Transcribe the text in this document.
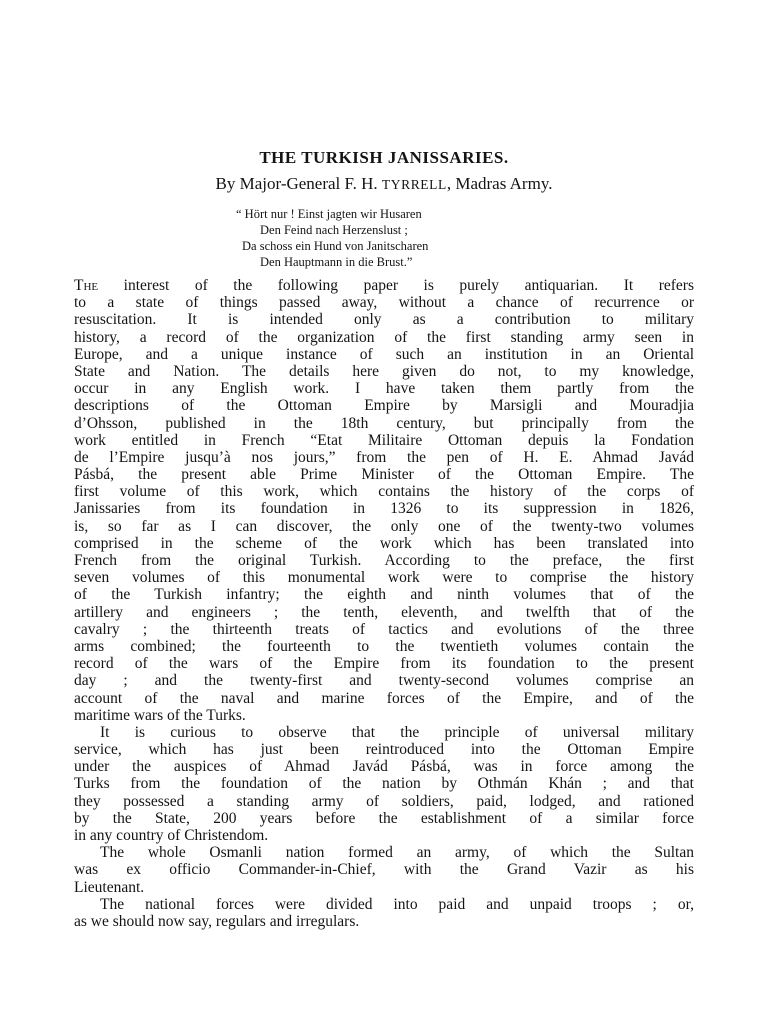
THE TURKISH JANISSARIES.
By Major-General F. H. TYRRELL, Madras Army.
“ Hört nur ! Einst jagten wir Husaren
Den Feind nach Herzenslust ;
Da schoss ein Hund von Janitscharen
Den Hauptmann in die Brust.”
The interest of the following paper is purely antiquarian. It refers
to a state of things passed away, without a chance of recurrence or
resuscitation. It is intended only as a contribution to military
history, a record of the organization of the first standing army seen in
Europe, and a unique instance of such an institution in an Oriental
State and Nation. The details here given do not, to my knowledge,
occur in any English work. I have taken them partly from the
descriptions of the Ottoman Empire by Marsigli and Mouradjia
d’Ohsson, published in the 18th century, but principally from the
work entitled in French “Etat Militaire Ottoman depuis la Fondation
de l’Empire jusqu’à nos jours,” from the pen of H. E. Ahmad Javád
Pásbá, the present able Prime Minister of the Ottoman Empire. The
first volume of this work, which contains the history of the corps of
Janissaries from its foundation in 1326 to its suppression in 1826,
is, so far as I can discover, the only one of the twenty-two volumes
comprised in the scheme of the work which has been translated into
French from the original Turkish. According to the preface, the first
seven volumes of this monumental work were to comprise the history
of the Turkish infantry; the eighth and ninth volumes that of the
artillery and engineers ; the tenth, eleventh, and twelfth that of the
cavalry ; the thirteenth treats of tactics and evolutions of the three
arms combined; the fourteenth to the twentieth volumes contain the
record of the wars of the Empire from its foundation to the present
day ; and the twenty-first and twenty-second volumes comprise an
account of the naval and marine forces of the Empire, and of the
maritime wars of the Turks.
It is curious to observe that the principle of universal military
service, which has just been reintroduced into the Ottoman Empire
under the auspices of Ahmad Javád Pásbá, was in force among the
Turks from the foundation of the nation by Othmán Khán ; and that
they possessed a standing army of soldiers, paid, lodged, and rationed
by the State, 200 years before the establishment of a similar force
in any country of Christendom.
The whole Osmanli nation formed an army, of which the Sultan
was ex officio Commander-in-Chief, with the Grand Vazir as his
Lieutenant.
The national forces were divided into paid and unpaid troops ; or,
as we should now say, regulars and irregulars.
